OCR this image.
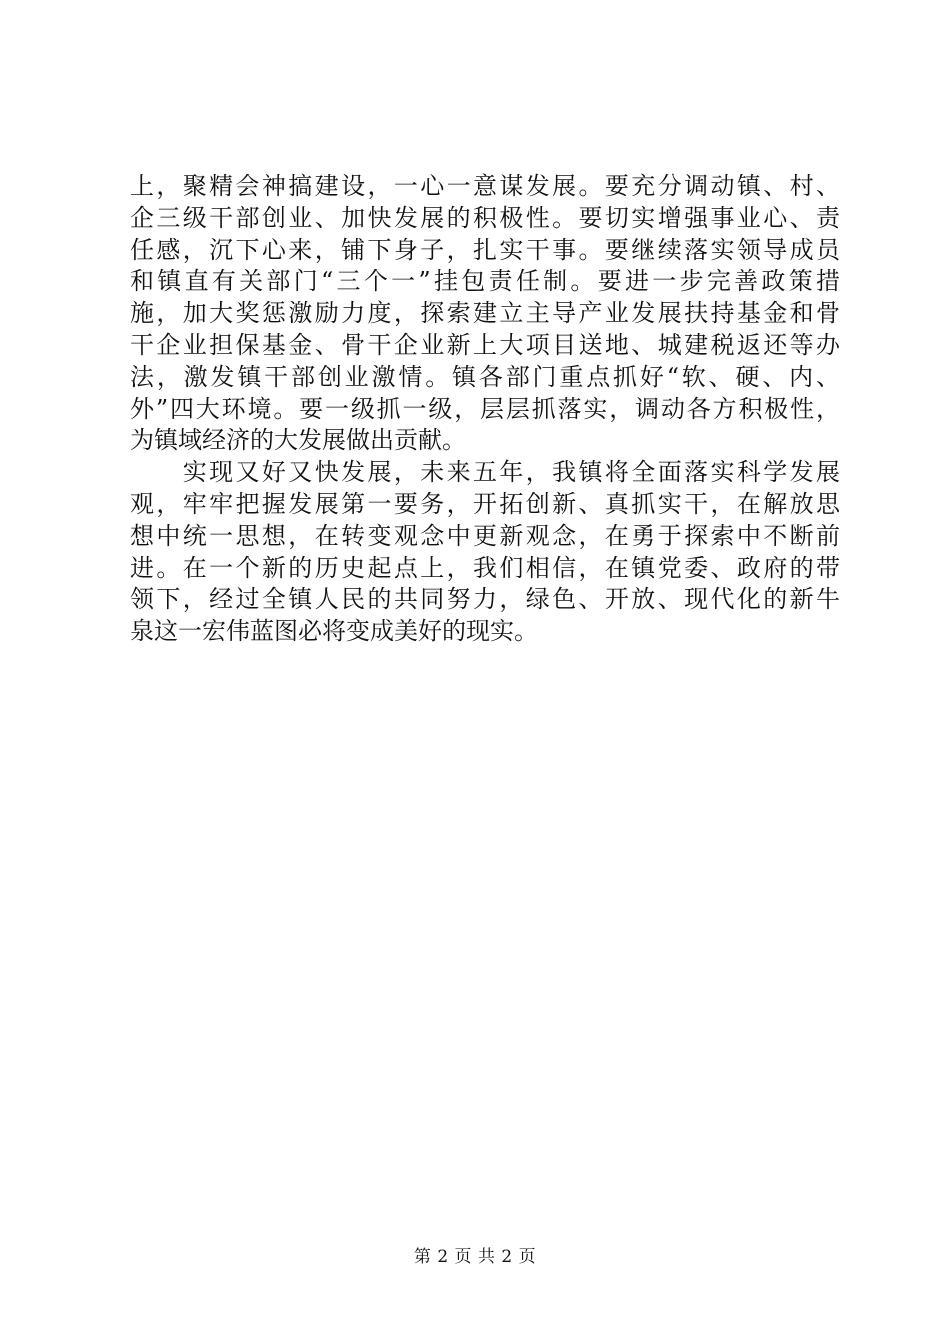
上，聚精会神搞建设，一心一意谋发展。要充分调动镇、村、
企三级干部创业、加快发展的积极性。要切实增强事业心、责
任感，沉下心来，铺下身子，扎实干事。要继续落实领导成员
和镇直有关部门“三个一”挂包责任制。要进一步完善政策措
施，加大奖惩激励力度，探索建立主导产业发展扶持基金和骨
干企业担保基金、骨干企业新上大项目送地、城建税返还等办
法，激发镇干部创业激情。镇各部门重点抓好“软、硬、内、
外”四大环境。要一级抓一级，层层抓落实，调动各方积极性，
为镇域经济的大发展做出贡献。
　　实现又好又快发展，未来五年，我镇将全面落实科学发展
观，牢牢把握发展第一要务，开拓创新、真抓实干，在解放思
想中统一思想，在转变观念中更新观念，在勇于探索中不断前
进。在一个新的历史起点上，我们相信，在镇党委、政府的带
领下，经过全镇人民的共同努力，绿色、开放、现代化的新牛
泉这一宏伟蓝图必将变成美好的现实。
第 2 页 共 2 页
